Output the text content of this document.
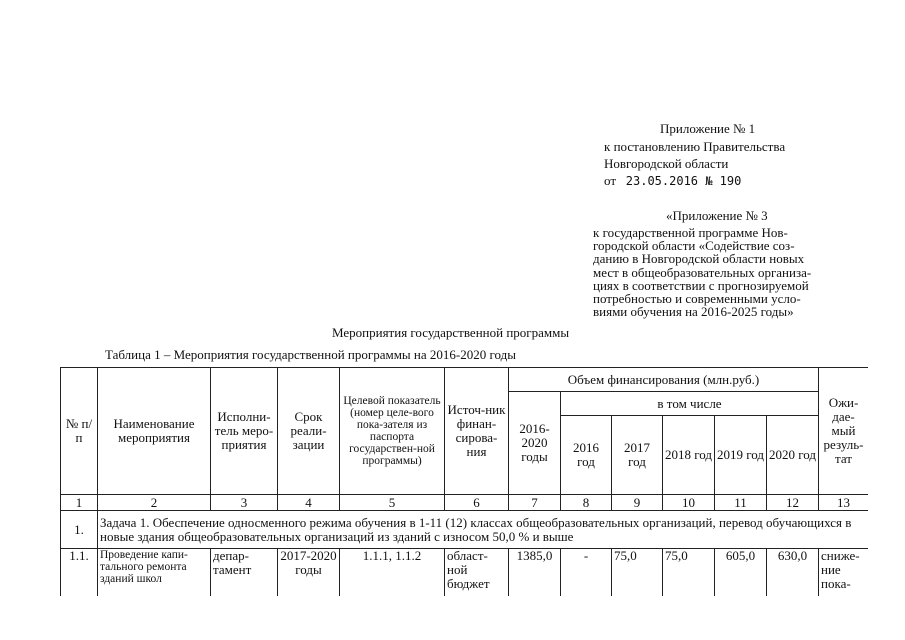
Приложение № 1
к постановлению Правительства
Новгородской области
от 23.05.2016 № 190
«Приложение № 3
к государственной программе Нов-
городской области «Содействие соз-
данию в Новгородской области новых
мест в общеобразовательных организа-
циях в соответствии с прогнозируемой
потребностью и современными усло-
виями обучения на 2016-2025 годы»
Мероприятия государственной программы
Таблица 1 – Мероприятия государственной программы на 2016-2020 годы
№ п/п	Наименование мероприятия	Исполни-тель меро-приятия	Срок реали-зации	Целевой показатель (номер целе-вого пока-зателя из паспорта государствен-ной программы)	Источ-ник финан-сирова-ния	Объем финансирования (млн.руб.)						Ожи-дае-мый резуль-тат
						2016-2020 годы	в том числе					
							2016 год	2017 год	2018 год	2019 год	2020 год	
1	2	3	4	5	6	7	8	9	10	11	12	13
1.	Задача 1. Обеспечение односменного режима обучения в 1-11 (12) классах общеобразовательных организаций, перевод обучающихся в новые здания общеобразовательных организаций из зданий с износом 50,0 % и выше											
1.1.	Проведение капи-тального ремонта зданий школ	депар-тамент	2017-2020 годы	1.1.1, 1.1.2	област-ной бюджет	1385,0	-	75,0	75,0	605,0	630,0	сниже-ние пока-
